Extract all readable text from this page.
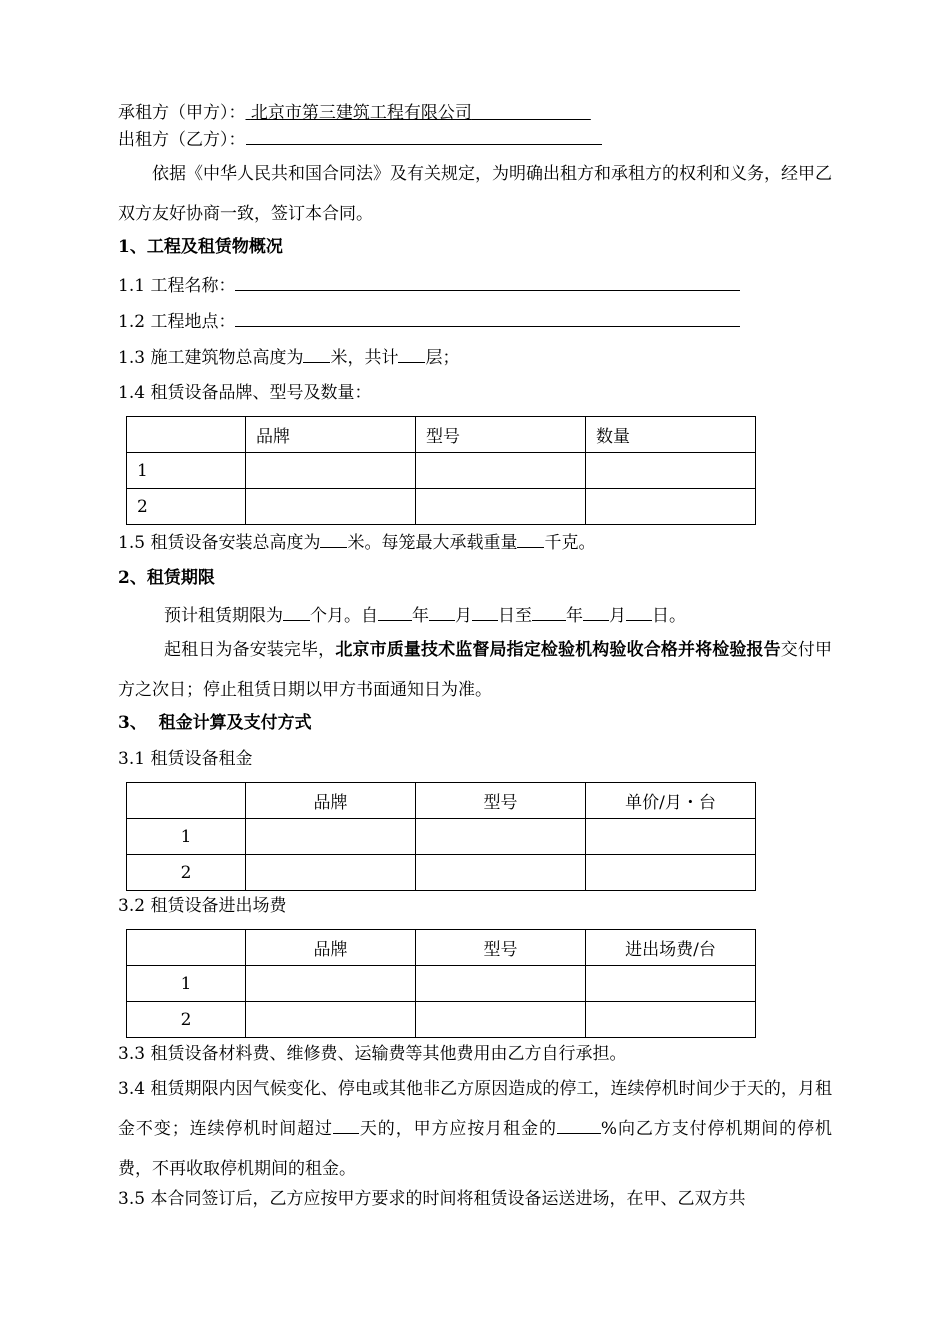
承租方（甲方）： 北京市第三建筑工程有限公司
出租方（乙方）：
依据《中华人民共和国合同法》及有关规定，为明确出租方和承租方的权利和义务，经甲乙双方友好协商一致，签订本合同。
1、工程及租赁物概况
1.1 工程名称：
1.2 工程地点：
1.3 施工建筑物总高度为 米，共计 层；
1.4 租赁设备品牌、型号及数量：
	品牌	型号	数量
1			
2			
1.5 租赁设备安装总高度为 米。每笼最大承载重量 千克。
2、租赁期限
预计租赁期限为 个月。自 年 月 日至 年 月 日。
起租日为备安装完毕，北京市质量技术监督局指定检验机构验收合格并将检验报告交付甲方之次日；停止租赁日期以甲方书面通知日为准。
3、  租金计算及支付方式
3.1 租赁设备租金
	品牌	型号	单价/月・台
1			
2			
3.2 租赁设备进出场费
	品牌	型号	进出场费/台
1			
2			
3.3 租赁设备材料费、维修费、运输费等其他费用由乙方自行承担。
3.4 租赁期限内因气候变化、停电或其他非乙方原因造成的停工，连续停机时间少于天的，月租金不变；连续停机时间超过 天的，甲方应按月租金的	%向乙方支付停机期间的停机费，不再收取停机期间的租金。
3.5 本合同签订后，乙方应按甲方要求的时间将租赁设备运送进场，在甲、乙双方共
